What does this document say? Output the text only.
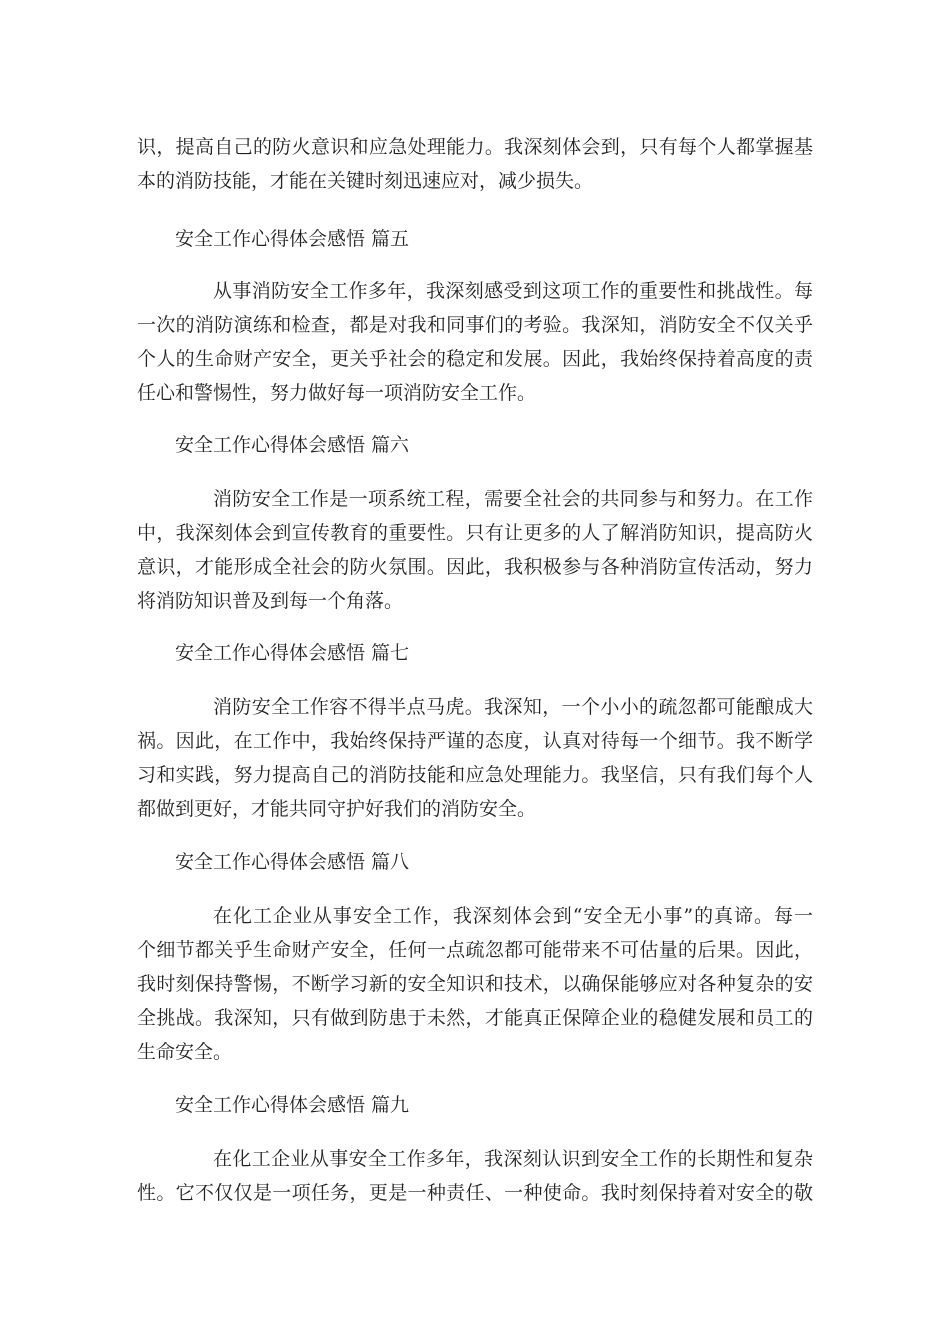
识，提高自己的防火意识和应急处理能力。我深刻体会到，只有每个人都掌握基
本的消防技能，才能在关键时刻迅速应对，减少损失。
安全工作心得体会感悟 篇五
从事消防安全工作多年，我深刻感受到这项工作的重要性和挑战性。每
一次的消防演练和检查，都是对我和同事们的考验。我深知，消防安全不仅关乎
个人的生命财产安全，更关乎社会的稳定和发展。因此，我始终保持着高度的责
任心和警惕性，努力做好每一项消防安全工作。
安全工作心得体会感悟 篇六
消防安全工作是一项系统工程，需要全社会的共同参与和努力。在工作
中，我深刻体会到宣传教育的重要性。只有让更多的人了解消防知识，提高防火
意识，才能形成全社会的防火氛围。因此，我积极参与各种消防宣传活动，努力
将消防知识普及到每一个角落。
安全工作心得体会感悟 篇七
消防安全工作容不得半点马虎。我深知，一个小小的疏忽都可能酿成大
祸。因此，在工作中，我始终保持严谨的态度，认真对待每一个细节。我不断学
习和实践，努力提高自己的消防技能和应急处理能力。我坚信，只有我们每个人
都做到更好，才能共同守护好我们的消防安全。
安全工作心得体会感悟 篇八
在化工企业从事安全工作，我深刻体会到“安全无小事”的真谛。每一
个细节都关乎生命财产安全，任何一点疏忽都可能带来不可估量的后果。因此，
我时刻保持警惕，不断学习新的安全知识和技术，以确保能够应对各种复杂的安
全挑战。我深知，只有做到防患于未然，才能真正保障企业的稳健发展和员工的
生命安全。
安全工作心得体会感悟 篇九
在化工企业从事安全工作多年，我深刻认识到安全工作的长期性和复杂
性。它不仅仅是一项任务，更是一种责任、一种使命。我时刻保持着对安全的敬
